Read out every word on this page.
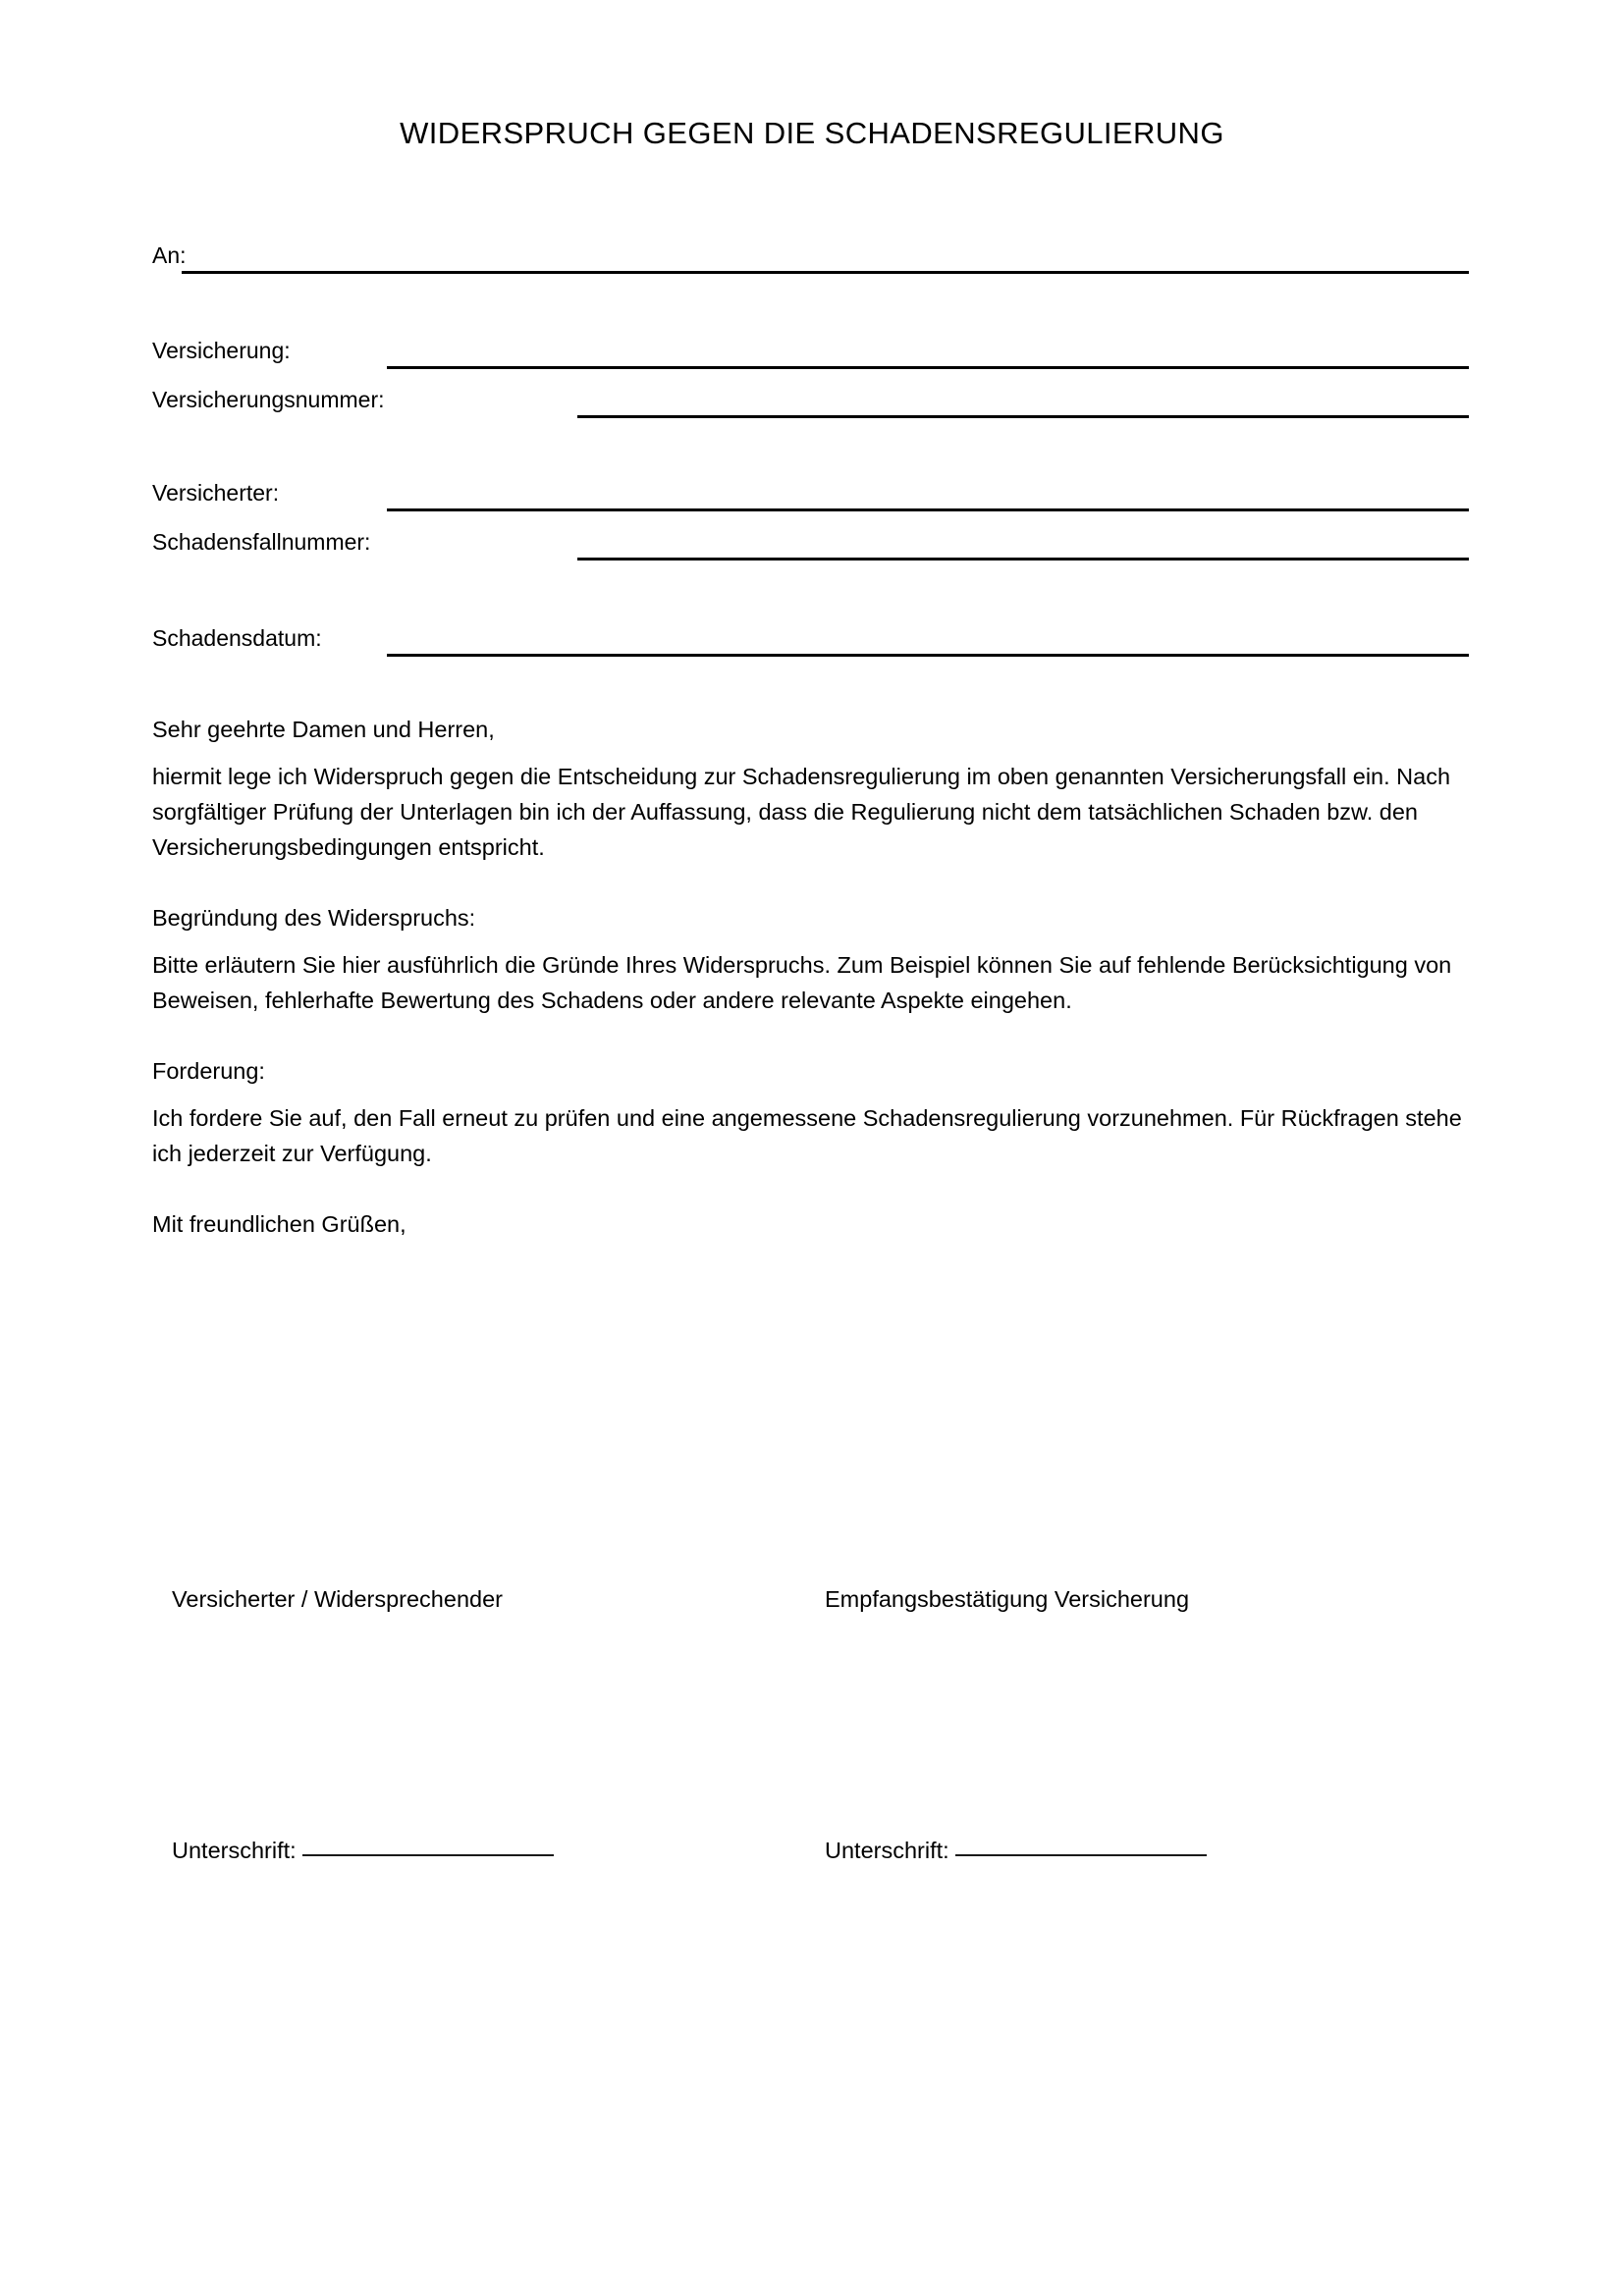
WIDERSPRUCH GEGEN DIE SCHADENSREGULIERUNG
An:
Versicherung:
Versicherungsnummer:
Versicherter:
Schadensfallnummer:
Schadensdatum:

Sehr geehrte Damen und Herren,

hiermit lege ich Widerspruch gegen die Entscheidung zur Schadensregulierung im oben genannten Versicherungsfall ein. Nach sorgfältiger Prüfung der Unterlagen bin ich der Auffassung, dass die Regulierung nicht dem tatsächlichen Schaden bzw. den Versicherungsbedingungen entspricht.

Begründung des Widerspruchs:

Bitte erläutern Sie hier ausführlich die Gründe Ihres Widerspruchs. Zum Beispiel können Sie auf fehlende Berücksichtigung von Beweisen, fehlerhafte Bewertung des Schadens oder andere relevante Aspekte eingehen.

Forderung:

Ich fordere Sie auf, den Fall erneut zu prüfen und eine angemessene Schadensregulierung vorzunehmen. Für Rückfragen stehe ich jederzeit zur Verfügung.

Mit freundlichen Grüßen,

Versicherter / Widersprechender	Empfangsbestätigung Versicherung
Unterschrift:	Unterschrift:
